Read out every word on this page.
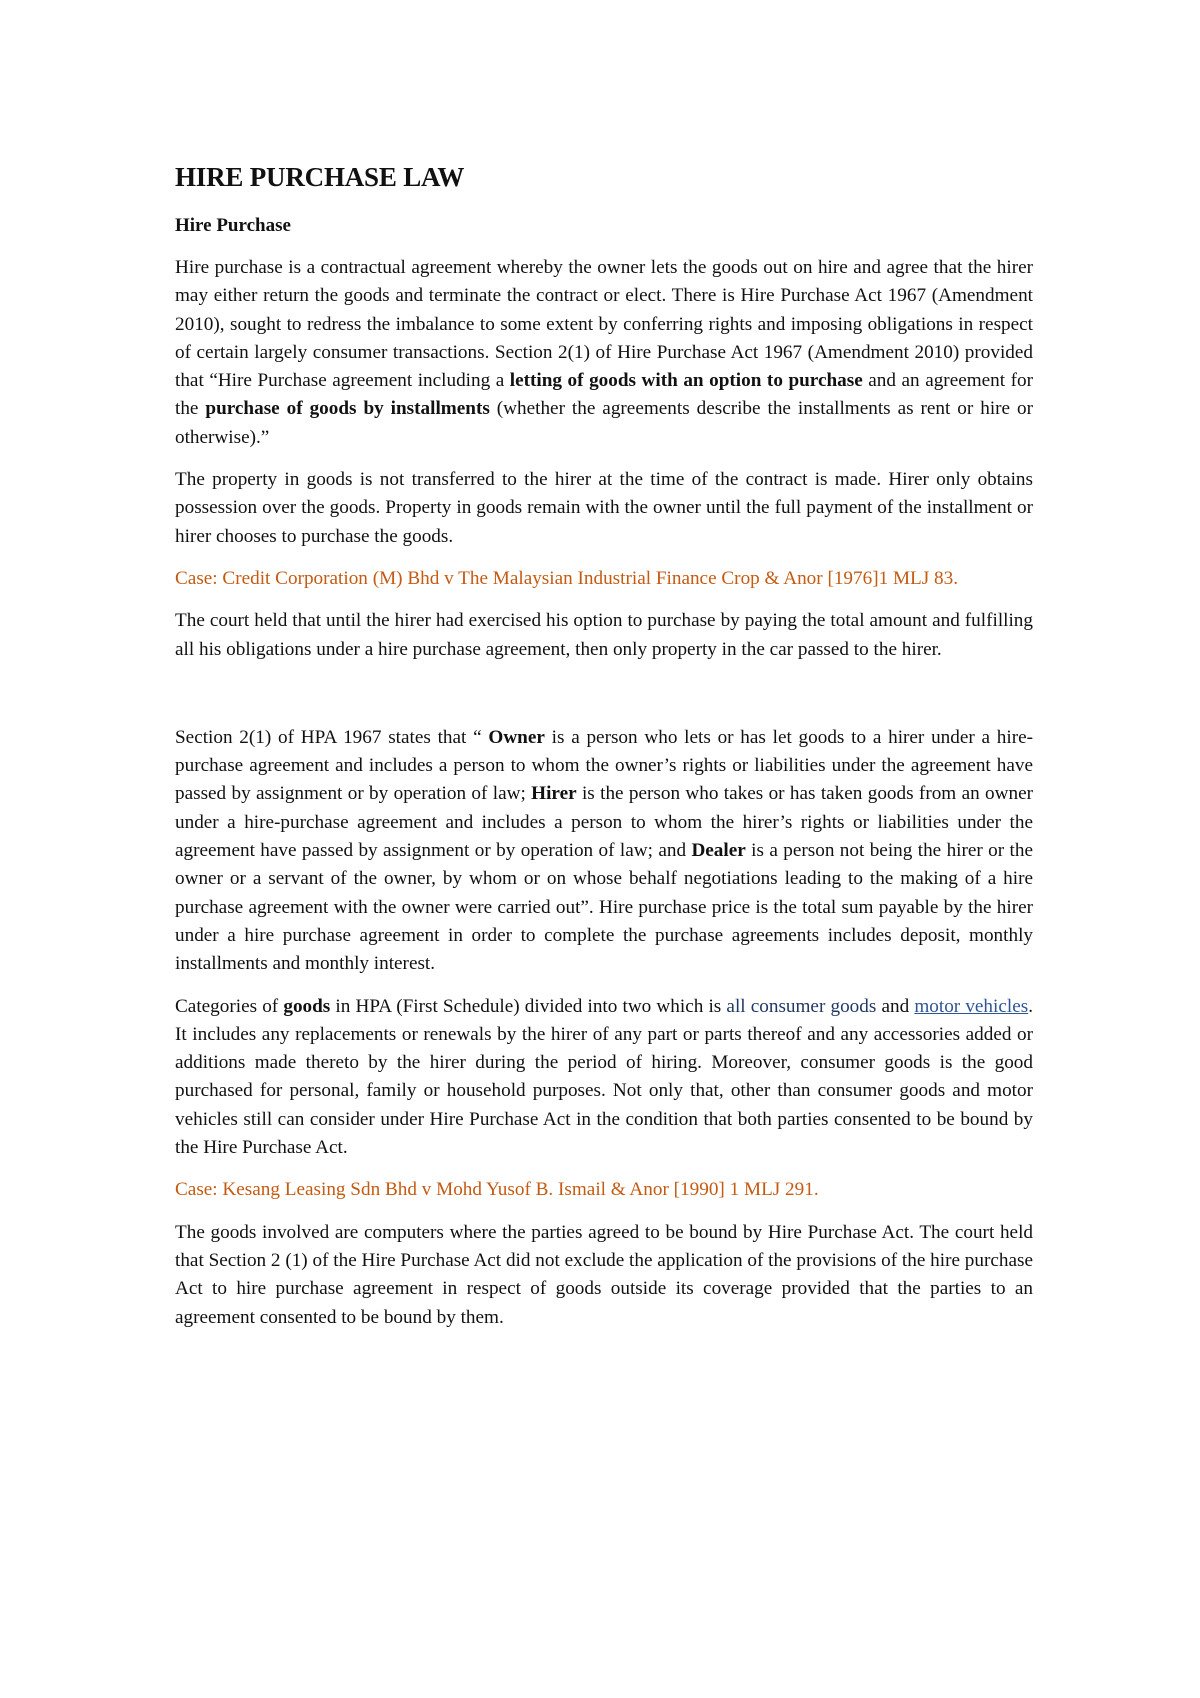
HIRE PURCHASE LAW
Hire Purchase

Hire purchase is a contractual agreement whereby the owner lets the goods out on hire and agree that the hirer may either return the goods and terminate the contract or elect. There is Hire Purchase Act 1967 (Amendment 2010), sought to redress the imbalance to some extent by conferring rights and imposing obligations in respect of certain largely consumer transactions. Section 2(1) of Hire Purchase Act 1967 (Amendment 2010) provided that “Hire Purchase agreement including a letting of goods with an option to purchase and an agreement for the purchase of goods by installments (whether the agreements describe the installments as rent or hire or otherwise).”

The property in goods is not transferred to the hirer at the time of the contract is made. Hirer only obtains possession over the goods. Property in goods remain with the owner until the full payment of the installment or hirer chooses to purchase the goods.

Case: Credit Corporation (M) Bhd v The Malaysian Industrial Finance Crop & Anor [1976]1 MLJ 83.

The court held that until the hirer had exercised his option to purchase by paying the total amount and fulfilling all his obligations under a hire purchase agreement, then only property in the car passed to the hirer.

Section 2(1) of HPA 1967 states that “ Owner is a person who lets or has let goods to a hirer under a hire-purchase agreement and includes a person to whom the owner’s rights or liabilities under the agreement have passed by assignment or by operation of law; Hirer is the person who takes or has taken goods from an owner under a hire-purchase agreement and includes a person to whom the hirer’s rights or liabilities under the agreement have passed by assignment or by operation of law; and Dealer is a person not being the hirer or the owner or a servant of the owner, by whom or on whose behalf negotiations leading to the making of a hire purchase agreement with the owner were carried out”. Hire purchase price is the total sum payable by the hirer under a hire purchase agreement in order to complete the purchase agreements includes deposit, monthly installments and monthly interest.

Categories of goods in HPA (First Schedule) divided into two which is all consumer goods and motor vehicles. It includes any replacements or renewals by the hirer of any part or parts thereof and any accessories added or additions made thereto by the hirer during the period of hiring. Moreover, consumer goods is the good purchased for personal, family or household purposes. Not only that, other than consumer goods and motor vehicles still can consider under Hire Purchase Act in the condition that both parties consented to be bound by the Hire Purchase Act.

Case: Kesang Leasing Sdn Bhd v Mohd Yusof B. Ismail & Anor [1990] 1 MLJ 291.

The goods involved are computers where the parties agreed to be bound by Hire Purchase Act. The court held that Section 2 (1) of the Hire Purchase Act did not exclude the application of the provisions of the hire purchase Act to hire purchase agreement in respect of goods outside its coverage provided that the parties to an agreement consented to be bound by them.
